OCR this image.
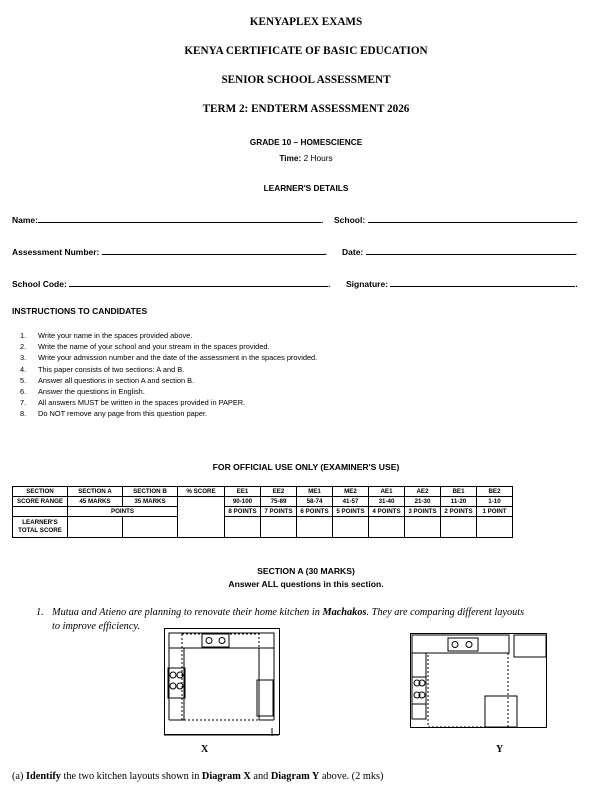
KENYAPLEX EXAMS
KENYA CERTIFICATE OF BASIC EDUCATION
SENIOR SCHOOL ASSESSMENT
TERM 2: ENDTERM ASSESSMENT 2026
GRADE 10 – HOMESCIENCE
Time: 2 Hours
LEARNER'S DETAILS
Name:	. School:	.
Assessment Number:	. Date:	.
School Code:	. Signature:	.
INSTRUCTIONS TO CANDIDATES
1. Write your name in the spaces provided above.
2. Write the name of your school and your stream in the spaces provided.
3. Write your admission number and the date of the assessment in the spaces provided.
4. This paper consists of two sections: A and B.
5. Answer all questions in section A and section B.
6. Answer the questions in English.
7. All answers MUST be written in the spaces provided in PAPER.
8. Do NOT remove any page from this question paper.
FOR OFFICIAL USE ONLY (EXAMINER'S USE)
SECTION	SECTION A	SECTION B	% SCORE	EE1	EE2	ME1	ME2	AE1	AE2	BE1	BE2
SCORE RANGE	45 MARKS	35 MARKS		90-100	75-89	58-74	41-57	31-40	21-30	11-20	1-10
	POINTS			8 POINTS	7 POINTS	6 POINTS	5 POINTS	4 POINTS	3 POINTS	2 POINTS	1 POINT
LEARNER'S TOTAL SCORE											
SECTION A (30 MARKS)
Answer ALL questions in this section.
1. Mutua and Atieno are planning to renovate their home kitchen in Machakos. They are comparing different layouts
to improve efficiency.
X	Y
(a) Identify the two kitchen layouts shown in Diagram X and Diagram Y above. (2 mks)
